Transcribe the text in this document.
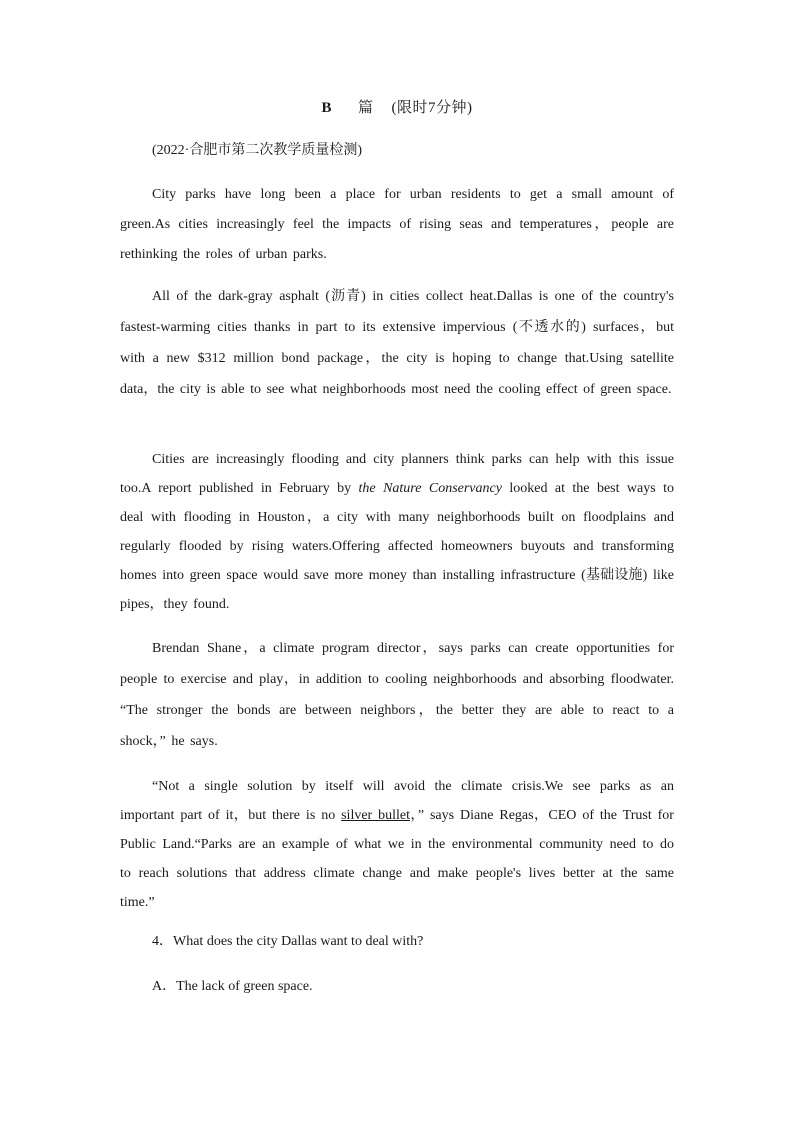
B 篇 (限时7分钟)
(2022·合肥市第二次教学质量检测)

City parks have long been a place for urban residents to get a small amount of green.As cities increasingly feel the impacts of rising seas and temperatures，people are rethinking the roles of urban parks.

All of the dark-gray asphalt (沥青) in cities collect heat.Dallas is one of the country's fastest-warming cities thanks in part to its extensive impervious (不透水的) surfaces，but with a new $312 million bond package，the city is hoping to change that.Using satellite data，the city is able to see what neighborhoods most need the cooling effect of green space.

Cities are increasingly flooding and city planners think parks can help with this issue too.A report published in February by the Nature Conservancy looked at the best ways to deal with flooding in Houston，a city with many neighborhoods built on floodplains and regularly flooded by rising waters.Offering affected homeowners buyouts and transforming homes into green space would save more money than installing infrastructure (基础设施) like pipes，they found.

Brendan Shane，a climate program director，says parks can create opportunities for people to exercise and play，in addition to cooling neighborhoods and absorbing floodwater. “The stronger the bonds are between neighbors，the better they are able to react to a shock，” he says.

“Not a single solution by itself will avoid the climate crisis.We see parks as an important part of it，but there is no silver bullet，” says Diane Regas，CEO of the Trust for Public Land.“Parks are an example of what we in the environmental community need to do to reach solutions that address climate change and make people's lives better at the same time.”

4．What does the city Dallas want to deal with?
A．The lack of green space.
